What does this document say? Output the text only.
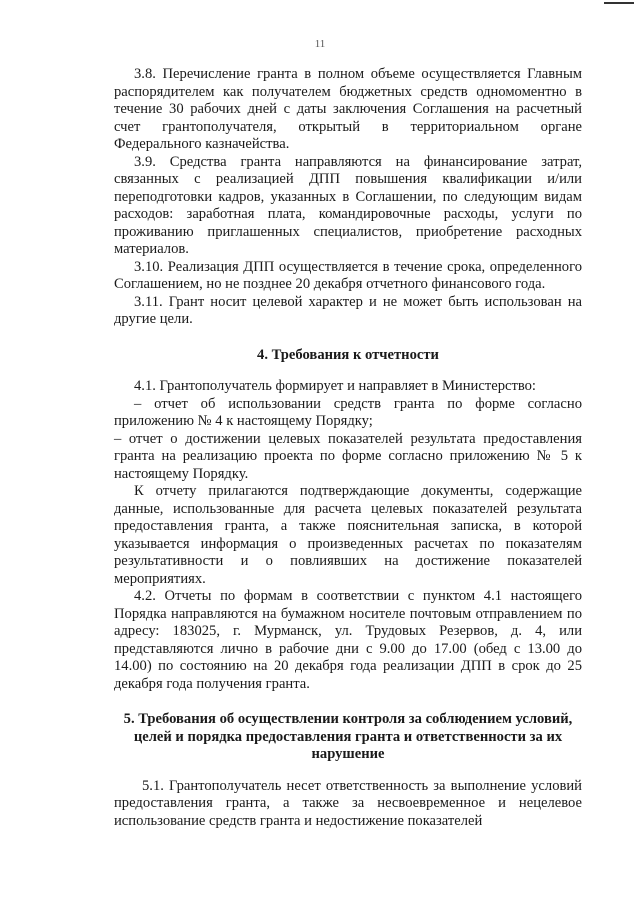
11

3.8. Перечисление гранта в полном объеме осуществляется Главным распорядителем как получателем бюджетных средств одномоментно в течение 30 рабочих дней с даты заключения Соглашения на расчетный счет грантополучателя, открытый в территориальном органе Федерального казначейства.

3.9. Средства гранта направляются на финансирование затрат, связанных с реализацией ДПП повышения квалификации и/или переподготовки кадров, указанных в Соглашении, по следующим видам расходов: заработная плата, командировочные расходы, услуги по проживанию приглашенных специалистов, приобретение расходных материалов.

3.10. Реализация ДПП осуществляется в течение срока, определенного Соглашением, но не позднее 20 декабря отчетного финансового года.

3.11. Грант носит целевой характер и не может быть использован на другие цели.

4. Требования к отчетности

4.1. Грантополучатель формирует и направляет в Министерство:

– отчет об использовании средств гранта по форме согласно приложению № 4 к настоящему Порядку;

– отчет о достижении целевых показателей результата предоставления гранта на реализацию проекта по форме согласно приложению № 5 к настоящему Порядку.

К отчету прилагаются подтверждающие документы, содержащие данные, использованные для расчета целевых показателей результата предоставления гранта, а также пояснительная записка, в которой указывается информация о произведенных расчетах по показателям результативности и о повлиявших на достижение показателей мероприятиях.

4.2. Отчеты по формам в соответствии с пунктом 4.1 настоящего Порядка направляются на бумажном носителе почтовым отправлением по адресу: 183025, г. Мурманск, ул. Трудовых Резервов, д. 4, или представляются лично в рабочие дни с 9.00 до 17.00 (обед с 13.00 до 14.00) по состоянию на 20 декабря года реализации ДПП в срок до 25 декабря года получения гранта.

5. Требования об осуществлении контроля за соблюдением условий, целей и порядка предоставления гранта и ответственности за их нарушение

5.1. Грантополучатель несет ответственность за выполнение условий предоставления гранта, а также за несвоевременное и нецелевое использование средств гранта и недостижение показателей
